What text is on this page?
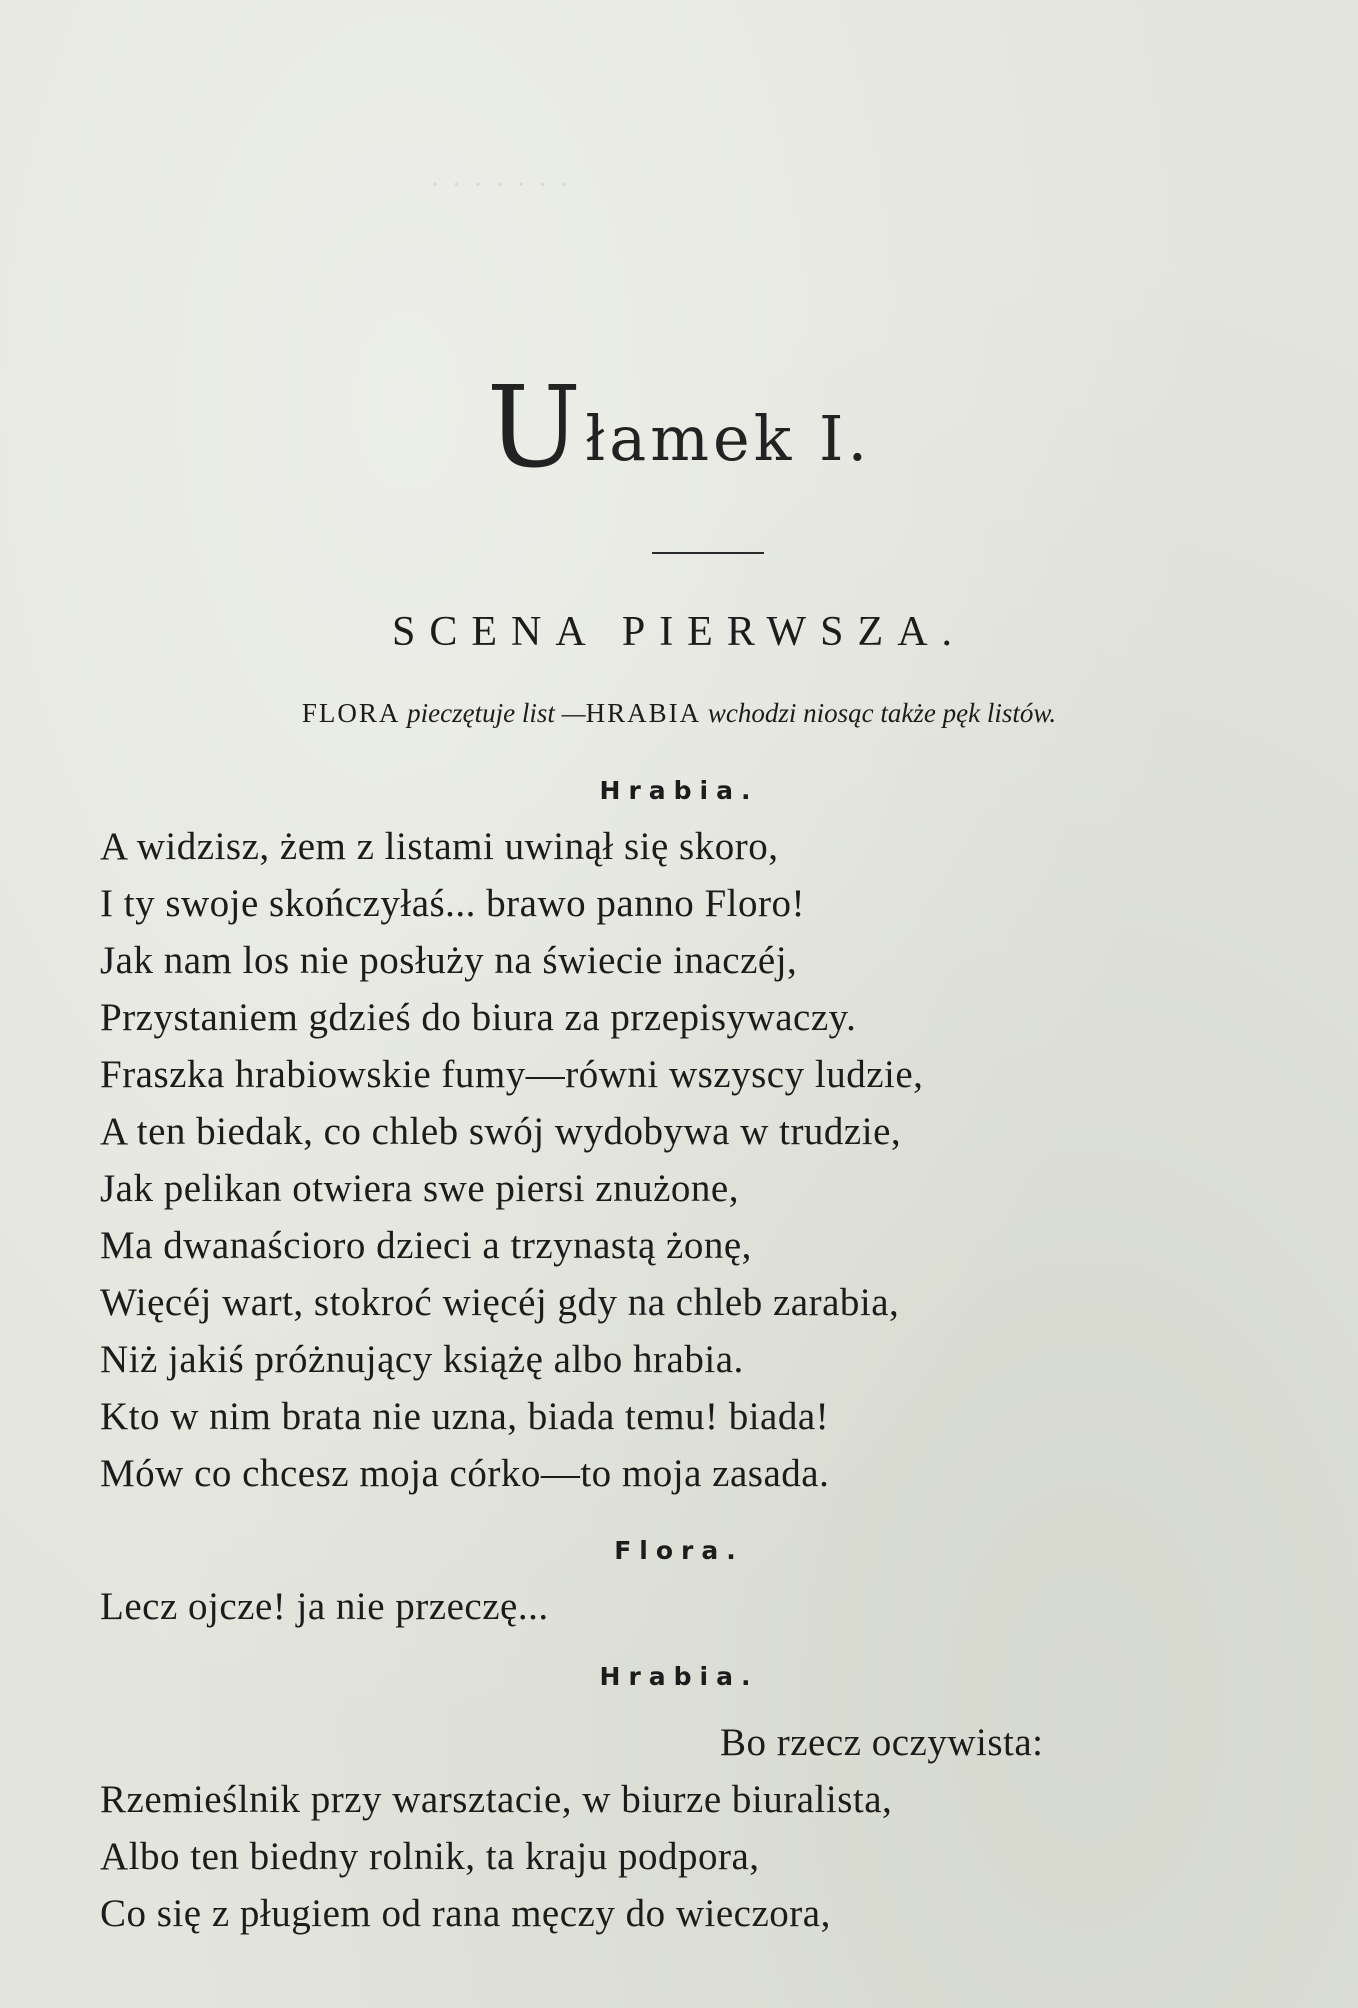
· · · · · · ·
Ułamek I.
SCENA PIERWSZA.
FLORA pieczętuje list —HRABIA wchodzi niosąc także pęk listów.
Hrabia.
A widzisz, żem z listami uwinął się skoro,
I ty swoje skończyłaś... brawo panno Floro!
Jak nam los nie posłuży na świecie inaczéj,
Przystaniem gdzieś do biura za przepisywaczy.
Fraszka hrabiowskie fumy—równi wszyscy ludzie,
A ten biedak, co chleb swój wydobywa w trudzie,
Jak pelikan otwiera swe piersi znużone,
Ma dwanaścioro dzieci a trzynastą żonę,
Więcéj wart, stokroć więcéj gdy na chleb zarabia,
Niż jakiś próżnujący książę albo hrabia.
Kto w nim brata nie uzna, biada temu! biada!
Mów co chcesz moja córko—to moja zasada.
Flora.
Lecz ojcze! ja nie przeczę...
Hrabia.
Bo rzecz oczywista:
Rzemieślnik przy warsztacie, w biurze biuralista,
Albo ten biedny rolnik, ta kraju podpora,
Co się z pługiem od rana męczy do wieczora,
